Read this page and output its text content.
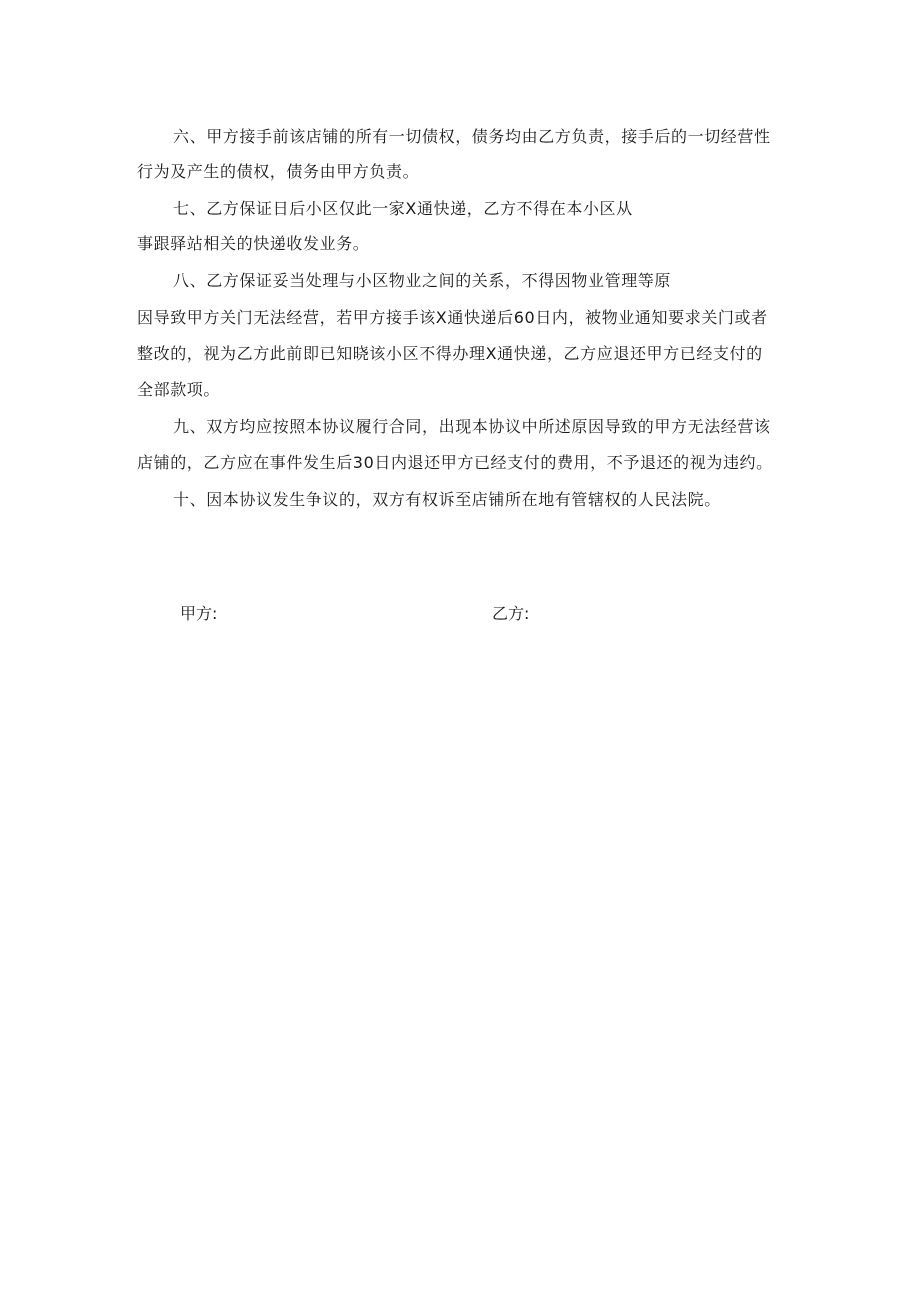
六、甲方接手前该店铺的所有一切债权，债务均由乙方负责，接手后的一切经营性
行为及产生的债权，债务由甲方负责。
七、乙方保证日后小区仅此一家X通快递，乙方不得在本小区从
事跟驿站相关的快递收发业务。
八、乙方保证妥当处理与小区物业之间的关系，不得因物业管理等原
因导致甲方关门无法经营，若甲方接手该X通快递后60日内，被物业通知要求关门或者
整改的，视为乙方此前即已知晓该小区不得办理X通快递，乙方应退还甲方已经支付的
全部款项。
九、双方均应按照本协议履行合同，出现本协议中所述原因导致的甲方无法经营该
店铺的，乙方应在事件发生后30日内退还甲方已经支付的费用，不予退还的视为违约。
十、因本协议发生争议的，双方有权诉至店铺所在地有管辖权的人民法院。
甲方:	乙方:
